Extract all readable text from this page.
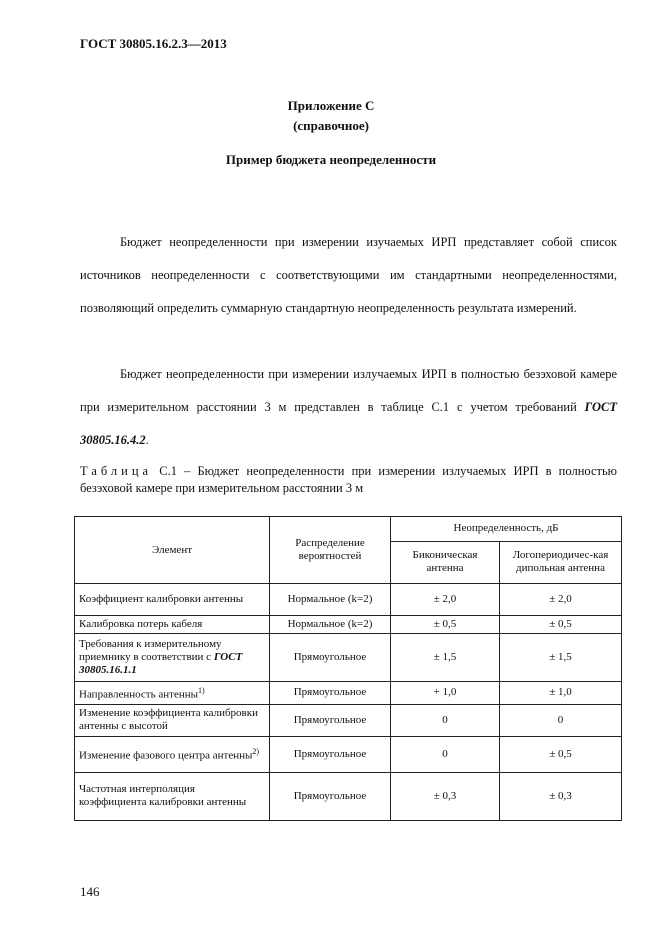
ГОСТ 30805.16.2.3—2013
Приложение С
(справочное)
Пример бюджета неопределенности
Бюджет неопределенности при измерении изучаемых ИРП представляет собой список источников неопределенности с соответствующими им стандартными неопределенностями, позволяющий определить суммарную стандартную неопределенность результата измерений.
Бюджет неопределенности при измерении излучаемых ИРП в полностью безэховой камере при измерительном расстоянии 3 м представлен в таблице С.1 с учетом требований ГОСТ 30805.16.4.2.
Таблица С.1 – Бюджет неопределенности при измерении излучаемых ИРП в полностью безэховой камере при измерительном расстоянии 3 м
Элемент	Распределение вероятностей	Неопределенность, дБ	
		Биконическая антенна	Логопериодичес-кая дипольная антенна
Коэффициент калибровки антенны	Нормальное (k=2)	± 2,0	± 2,0
Калибровка потерь кабеля	Нормальное (k=2)	± 0,5	± 0,5
Требования к измерительному приемнику в соответствии с ГОСТ 30805.16.1.1	Прямоугольное	± 1,5	± 1,5
Направленность антенны$^{1)}$	Прямоугольное	+ 1,0	± 1,0
Изменение коэффициента калибровки антенны с высотой	Прямоугольное	0	0
Изменение фазового центра антенны$^{2)}$	Прямоугольное	0	± 0,5
Частотная интерполяция коэффициента калибровки антенны	Прямоугольное	± 0,3	± 0,3
146
